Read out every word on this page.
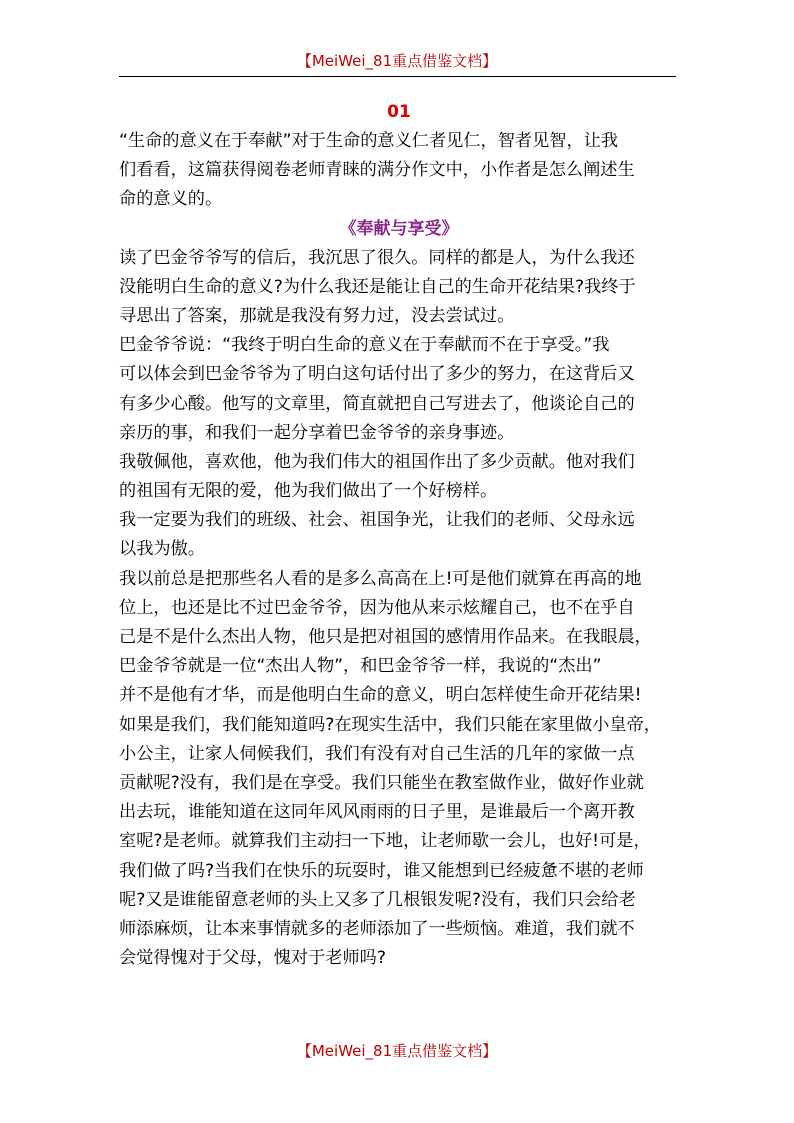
【MeiWei_81重点借鉴文档】
01
“生命的意义在于奉献”对于生命的意义仁者见仁，智者见智，让我
们看看，这篇获得阅卷老师青睐的满分作文中，小作者是怎么阐述生
命的意义的。
《奉献与享受》
读了巴金爷爷写的信后，我沉思了很久。同样的都是人，为什么我还
没能明白生命的意义?为什么我还是能让自己的生命开花结果?我终于
寻思出了答案，那就是我没有努力过，没去尝试过。
巴金爷爷说：“我终于明白生命的意义在于奉献而不在于享受。”我
可以体会到巴金爷爷为了明白这句话付出了多少的努力，在这背后又
有多少心酸。他写的文章里，简直就把自己写进去了，他谈论自己的
亲历的事，和我们一起分享着巴金爷爷的亲身事迹。
我敬佩他，喜欢他，他为我们伟大的祖国作出了多少贡献。他对我们
的祖国有无限的爱，他为我们做出了一个好榜样。
我一定要为我们的班级、社会、祖国争光，让我们的老师、父母永远
以我为傲。
我以前总是把那些名人看的是多么高高在上!可是他们就算在再高的地
位上，也还是比不过巴金爷爷，因为他从来示炫耀自己，也不在乎自
己是不是什么杰出人物，他只是把对祖国的感情用作品来。在我眼晨，
巴金爷爷就是一位“杰出人物”，和巴金爷爷一样，我说的“杰出”
并不是他有才华，而是他明白生命的意义，明白怎样使生命开花结果!
如果是我们，我们能知道吗?在现实生活中，我们只能在家里做小皇帝，
小公主，让家人伺候我们，我们有没有对自己生活的几年的家做一点
贡献呢?没有，我们是在享受。我们只能坐在教室做作业，做好作业就
出去玩，谁能知道在这同年风风雨雨的日子里，是谁最后一个离开教
室呢?是老师。就算我们主动扫一下地，让老师歇一会儿，也好!可是，
我们做了吗?当我们在快乐的玩耍时，谁又能想到已经疲惫不堪的老师
呢?又是谁能留意老师的头上又多了几根银发呢?没有，我们只会给老
师添麻烦，让本来事情就多的老师添加了一些烦恼。难道，我们就不
会觉得愧对于父母，愧对于老师吗?
【MeiWei_81重点借鉴文档】
